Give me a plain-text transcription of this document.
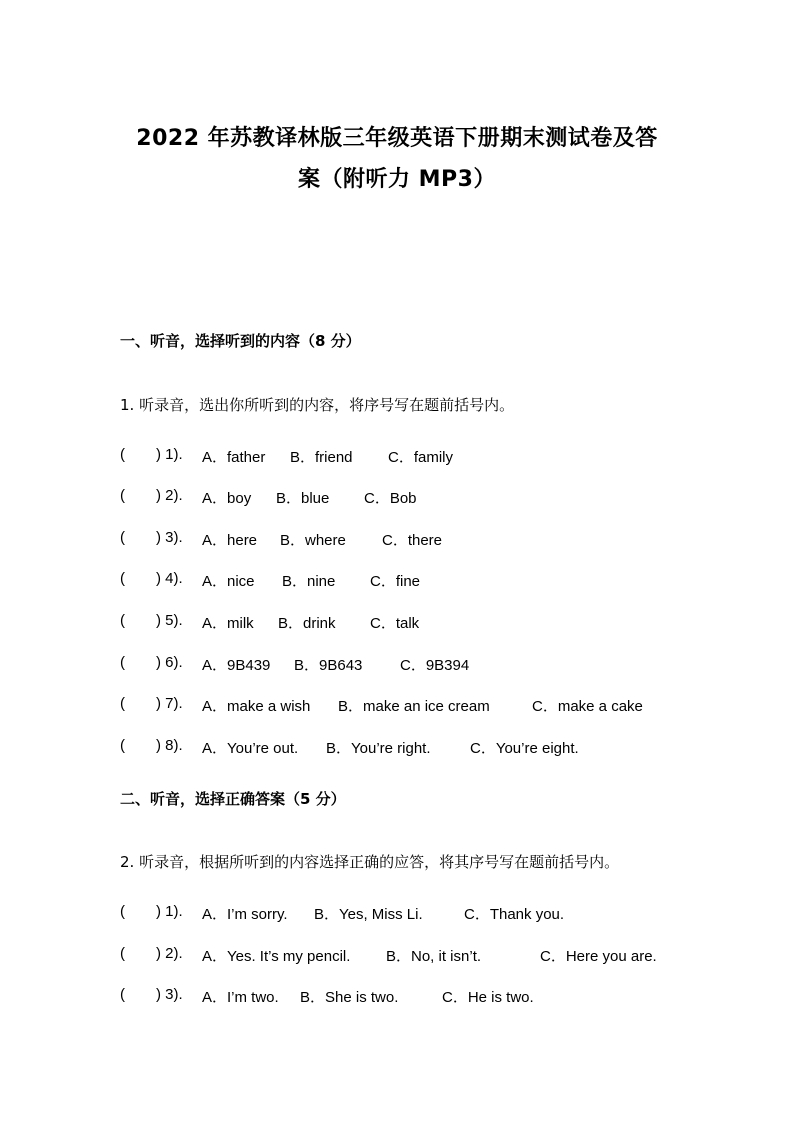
2022 年苏教译林版三年级英语下册期末测试卷及答
案（附听力 MP3）
一、听音，选择听到的内容（8 分）
1. 听录音，选出你所听到的内容，将序号写在题前括号内。
( ) 1). A．father B．friend C．family
( ) 2). A．boy B．blue C．Bob
( ) 3). A．here B．where C．there
( ) 4). A．nice B．nine C．fine
( ) 5). A．milk B．drink C．talk
( ) 6). A．9B439 B．9B643	C．9B394
( ) 7). A．make a wish B．make an ice cream	C．make a cake
( ) 8). A．You’re out. B．You’re right.	C．You’re eight.
二、听音，选择正确答案（5 分）
2. 听录音，根据所听到的内容选择正确的应答，将其序号写在题前括号内。
( ) 1). A．I’m sorry. B．Yes, Miss Li.	C．Thank you.
( ) 2). A．Yes. It’s my pencil. B．No, it isn’t.	C．Here you are.
( ) 3). A．I’m two. B．She is two.	C．He is two.
